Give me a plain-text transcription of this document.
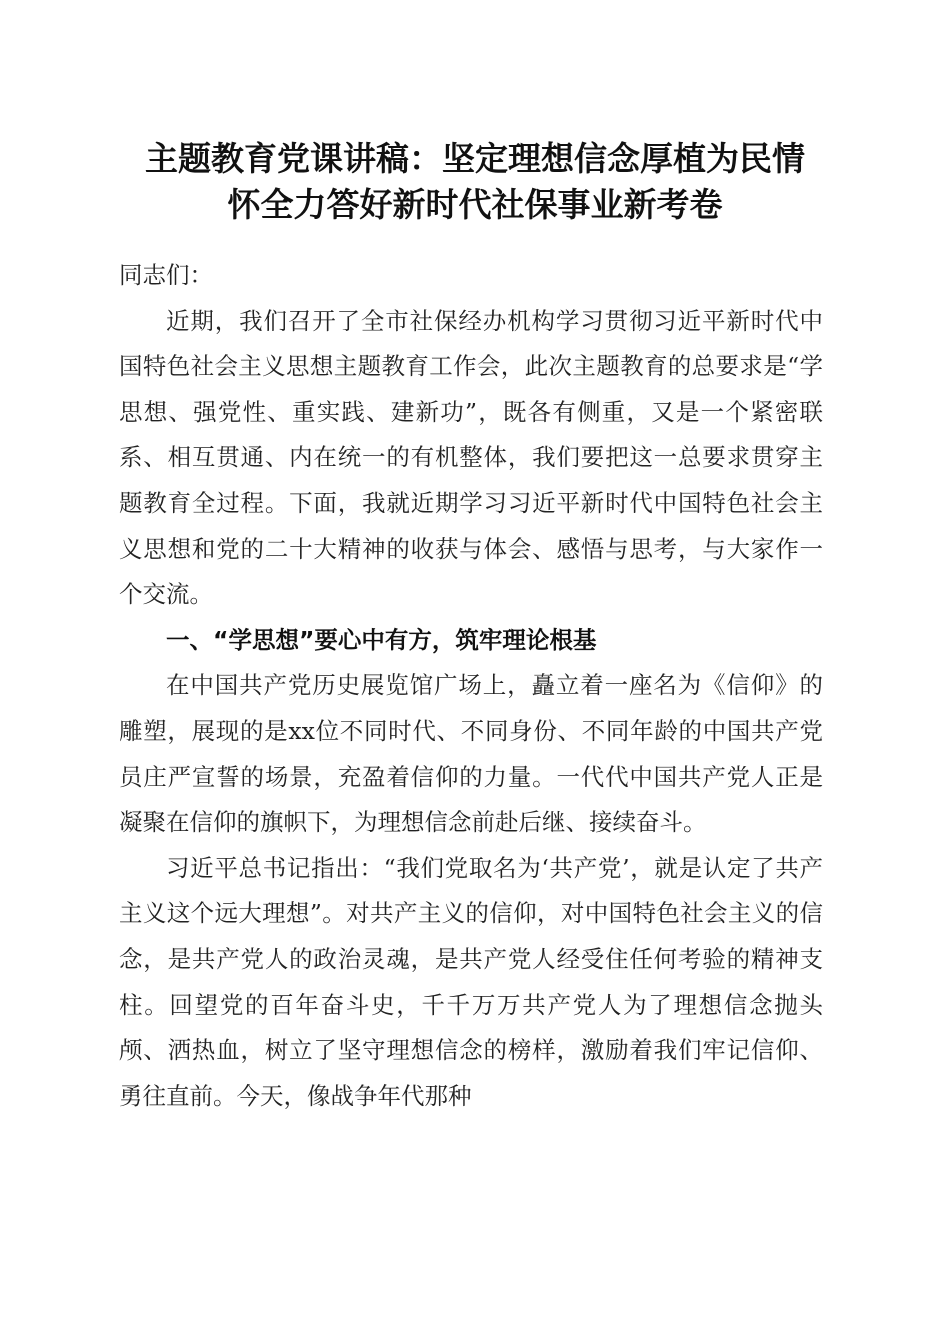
主题教育党课讲稿：坚定理想信念厚植为民情
怀全力答好新时代社保事业新考卷

同志们：

近期，我们召开了全市社保经办机构学习贯彻习近平新时代中国特色社会主义思想主题教育工作会，此次主题教育的总要求是“学思想、强党性、重实践、建新功”，既各有侧重，又是一个紧密联系、相互贯通、内在统一的有机整体，我们要把这一总要求贯穿主题教育全过程。下面，我就近期学习习近平新时代中国特色社会主义思想和党的二十大精神的收获与体会、感悟与思考，与大家作一个交流。

一、“学思想”要心中有方，筑牢理论根基

在中国共产党历史展览馆广场上，矗立着一座名为《信仰》的雕塑，展现的是xx位不同时代、不同身份、不同年龄的中国共产党员庄严宣誓的场景，充盈着信仰的力量。一代代中国共产党人正是凝聚在信仰的旗帜下，为理想信念前赴后继、接续奋斗。

习近平总书记指出：“我们党取名为‘共产党’，就是认定了共产主义这个远大理想”。对共产主义的信仰，对中国特色社会主义的信念，是共产党人的政治灵魂，是共产党人经受住任何考验的精神支柱。回望党的百年奋斗史，千千万万共产党人为了理想信念抛头颅、洒热血，树立了坚守理想信念的榜样，激励着我们牢记信仰、勇往直前。今天，像战争年代那种
